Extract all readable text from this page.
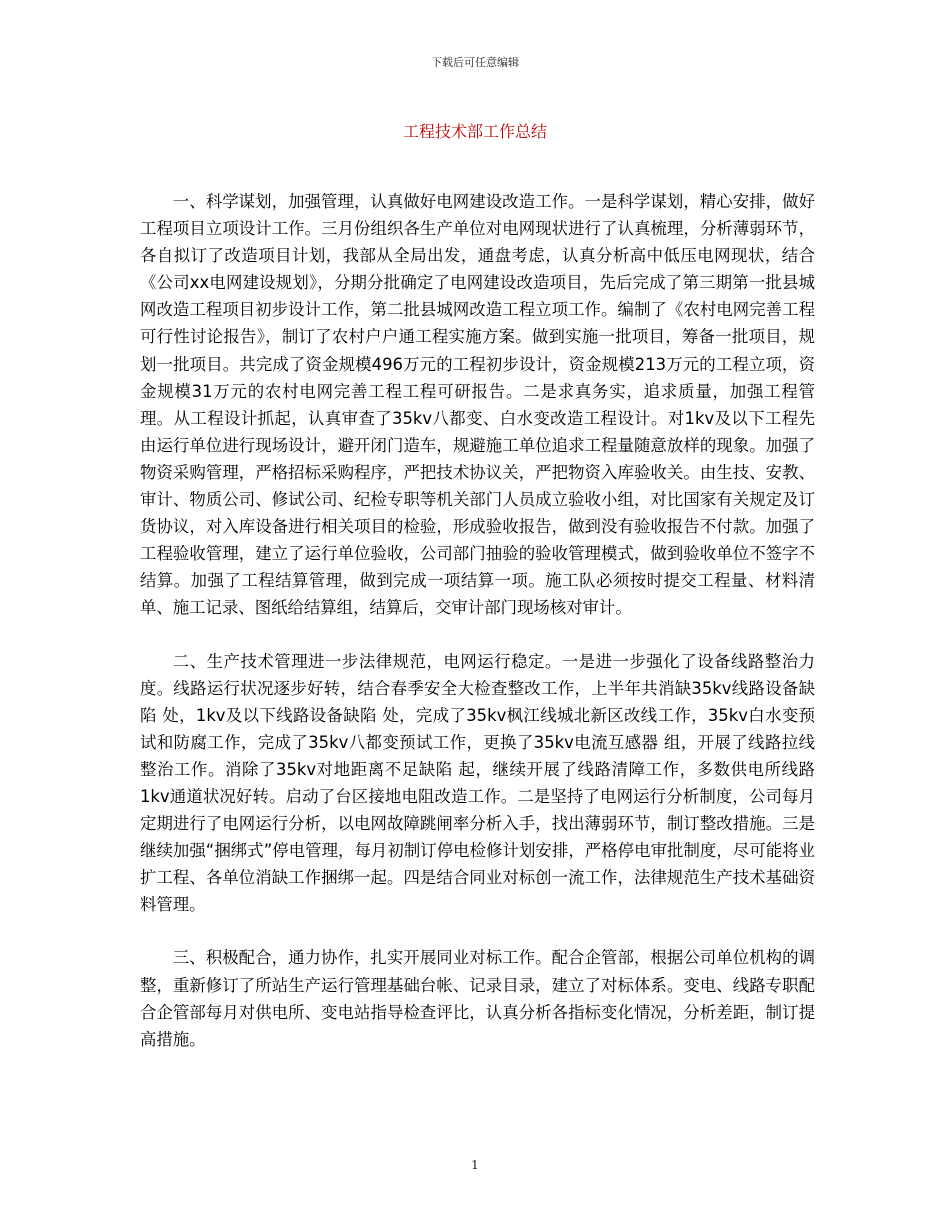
下载后可任意编辑
工程技术部工作总结

一、科学谋划，加强管理，认真做好电网建设改造工作。一是科学谋划，精心安排，做好工程项目立项设计工作。三月份组织各生产单位对电网现状进行了认真梳理，分析薄弱环节，各自拟订了改造项目计划，我部从全局出发，通盘考虑，认真分析高中低压电网现状，结合《公司xx电网建设规划》，分期分批确定了电网建设改造项目，先后完成了第三期第一批县城网改造工程项目初步设计工作，第二批县城网改造工程立项工作。编制了《农村电网完善工程可行性讨论报告》，制订了农村户户通工程实施方案。做到实施一批项目，筹备一批项目，规划一批项目。共完成了资金规模496万元的工程初步设计，资金规模213万元的工程立项，资金规模31万元的农村电网完善工程工程可研报告。二是求真务实，追求质量，加强工程管理。从工程设计抓起，认真审查了35kv八都变、白水变改造工程设计。对1kv及以下工程先由运行单位进行现场设计，避开闭门造车，规避施工单位追求工程量随意放样的现象。加强了物资采购管理，严格招标采购程序，严把技术协议关，严把物资入库验收关。由生技、安教、审计、物质公司、修试公司、纪检专职等机关部门人员成立验收小组，对比国家有关规定及订货协议，对入库设备进行相关项目的检验，形成验收报告，做到没有验收报告不付款。加强了工程验收管理，建立了运行单位验收，公司部门抽验的验收管理模式，做到验收单位不签字不结算。加强了工程结算管理，做到完成一项结算一项。施工队必须按时提交工程量、材料清单、施工记录、图纸给结算组，结算后，交审计部门现场核对审计。

二、生产技术管理进一步法律规范，电网运行稳定。一是进一步强化了设备线路整治力度。线路运行状况逐步好转，结合春季安全大检查整改工作，上半年共消缺35kv线路设备缺陷 处，1kv及以下线路设备缺陷 处，完成了35kv枫江线城北新区改线工作，35kv白水变预试和防腐工作，完成了35kv八都变预试工作，更换了35kv电流互感器 组，开展了线路拉线整治工作。消除了35kv对地距离不足缺陷 起，继续开展了线路清障工作，多数供电所线路1kv通道状况好转。启动了台区接地电阻改造工作。二是坚持了电网运行分析制度，公司每月定期进行了电网运行分析，以电网故障跳闸率分析入手，找出薄弱环节，制订整改措施。三是继续加强“捆绑式”停电管理，每月初制订停电检修计划安排，严格停电审批制度，尽可能将业扩工程、各单位消缺工作捆绑一起。四是结合同业对标创一流工作，法律规范生产技术基础资料管理。

三、积极配合，通力协作，扎实开展同业对标工作。配合企管部，根据公司单位机构的调整，重新修订了所站生产运行管理基础台帐、记录目录，建立了对标体系。变电、线路专职配合企管部每月对供电所、变电站指导检查评比，认真分析各指标变化情况，分析差距，制订提高措施。

1
